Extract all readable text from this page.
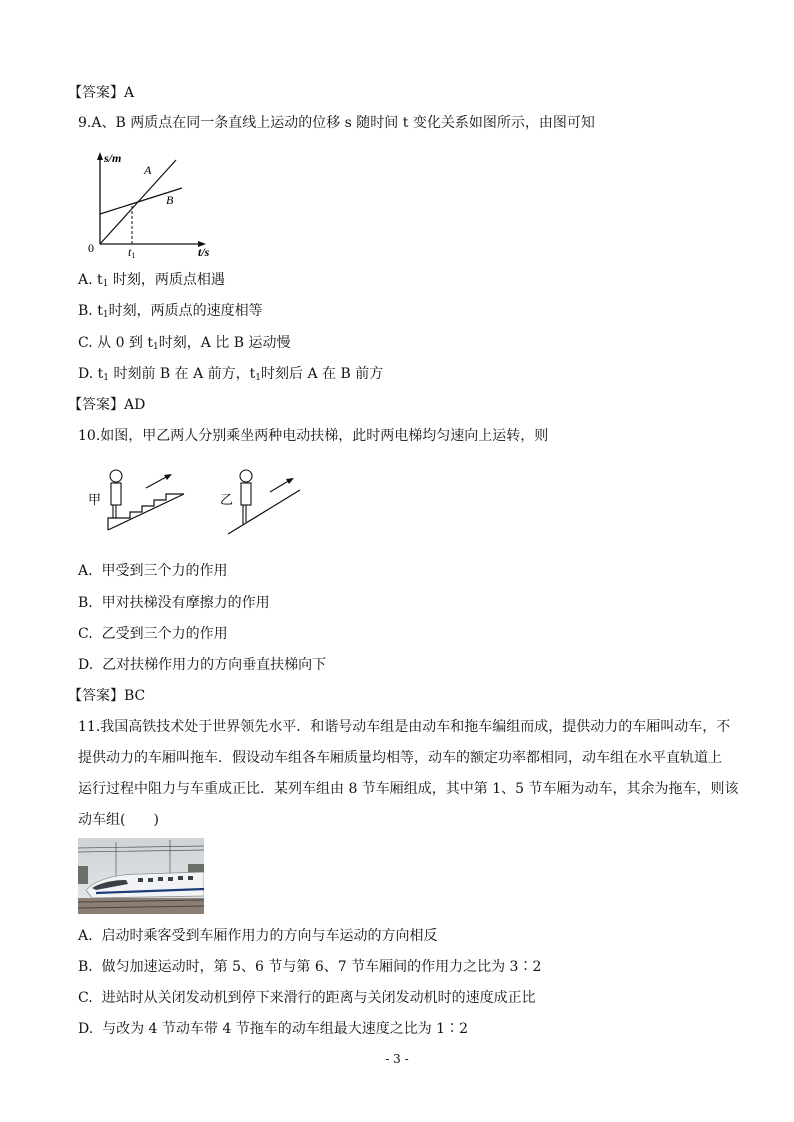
【答案】A
9.A、B 两质点在同一条直线上运动的位移 s 随时间 t 变化关系如图所示，由图可知
s/m
t/s
0	t1
A
B
A. $t_1$ 时刻，两质点相遇
B. $t_1$时刻，两质点的速度相等
C. 从 0 到 $t_1$时刻，A 比 B 运动慢
D. $t_1$ 时刻前 B 在 A 前方，$t_1$时刻后 A 在 B 前方
【答案】AD
10.如图，甲乙两人分别乘坐两种电动扶梯，此时两电梯均匀速向上运转，则
甲	乙
A. 甲受到三个力的作用
B. 甲对扶梯没有摩擦力的作用
C. 乙受到三个力的作用
D. 乙对扶梯作用力的方向垂直扶梯向下
【答案】BC
11.我国高铁技术处于世界领先水平．和谐号动车组是由动车和拖车编组而成，提供动力的车厢叫动车，不
提供动力的车厢叫拖车．假设动车组各车厢质量均相等，动车的额定功率都相同，动车组在水平直轨道上
运行过程中阻力与车重成正比．某列车组由 8 节车厢组成，其中第 1、5 节车厢为动车，其余为拖车，则该
动车组(　　)
A. 启动时乘客受到车厢作用力的方向与车运动的方向相反
B. 做匀加速运动时，第 5、6 节与第 6、7 节车厢间的作用力之比为 3∶2
C. 进站时从关闭发动机到停下来滑行的距离与关闭发动机时的速度成正比
D. 与改为 4 节动车带 4 节拖车的动车组最大速度之比为 1∶2
- 3 -
